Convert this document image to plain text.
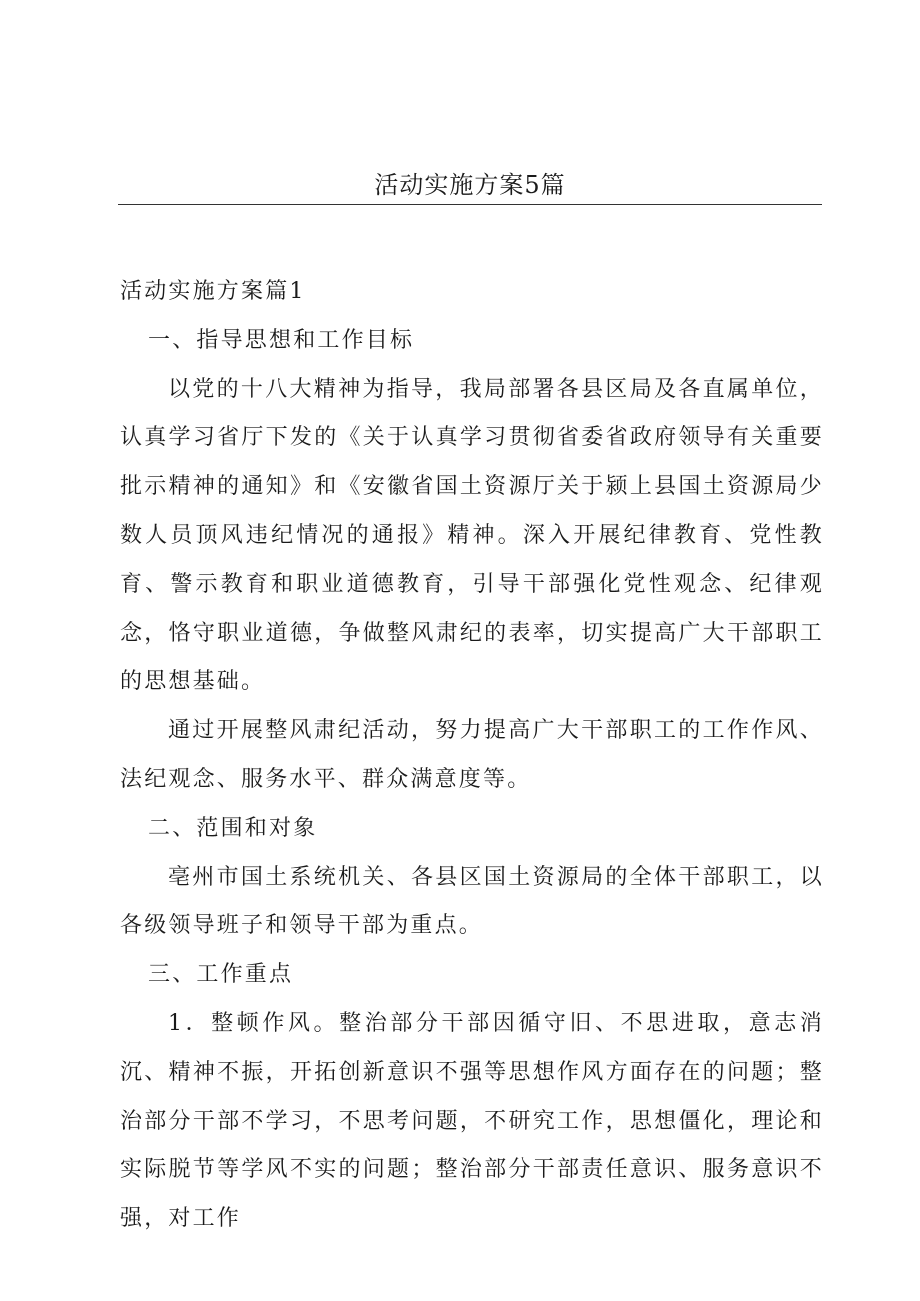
活动实施方案5篇

活动实施方案篇1

一、指导思想和工作目标

以党的十八大精神为指导，我局部署各县区局及各直属单位，认真学习省厅下发的《关于认真学习贯彻省委省政府领导有关重要批示精神的通知》和《安徽省国土资源厅关于颍上县国土资源局少数人员顶风违纪情况的通报》精神。深入开展纪律教育、党性教育、警示教育和职业道德教育，引导干部强化党性观念、纪律观念，恪守职业道德，争做整风肃纪的表率，切实提高广大干部职工的思想基础。

通过开展整风肃纪活动，努力提高广大干部职工的工作作风、法纪观念、服务水平、群众满意度等。

二、范围和对象

亳州市国土系统机关、各县区国土资源局的全体干部职工，以各级领导班子和领导干部为重点。

三、工作重点

1．整顿作风。整治部分干部因循守旧、不思进取，意志消沉、精神不振，开拓创新意识不强等思想作风方面存在的问题；整治部分干部不学习，不思考问题，不研究工作，思想僵化，理论和实际脱节等学风不实的问题；整治部分干部责任意识、服务意识不强，对工作
